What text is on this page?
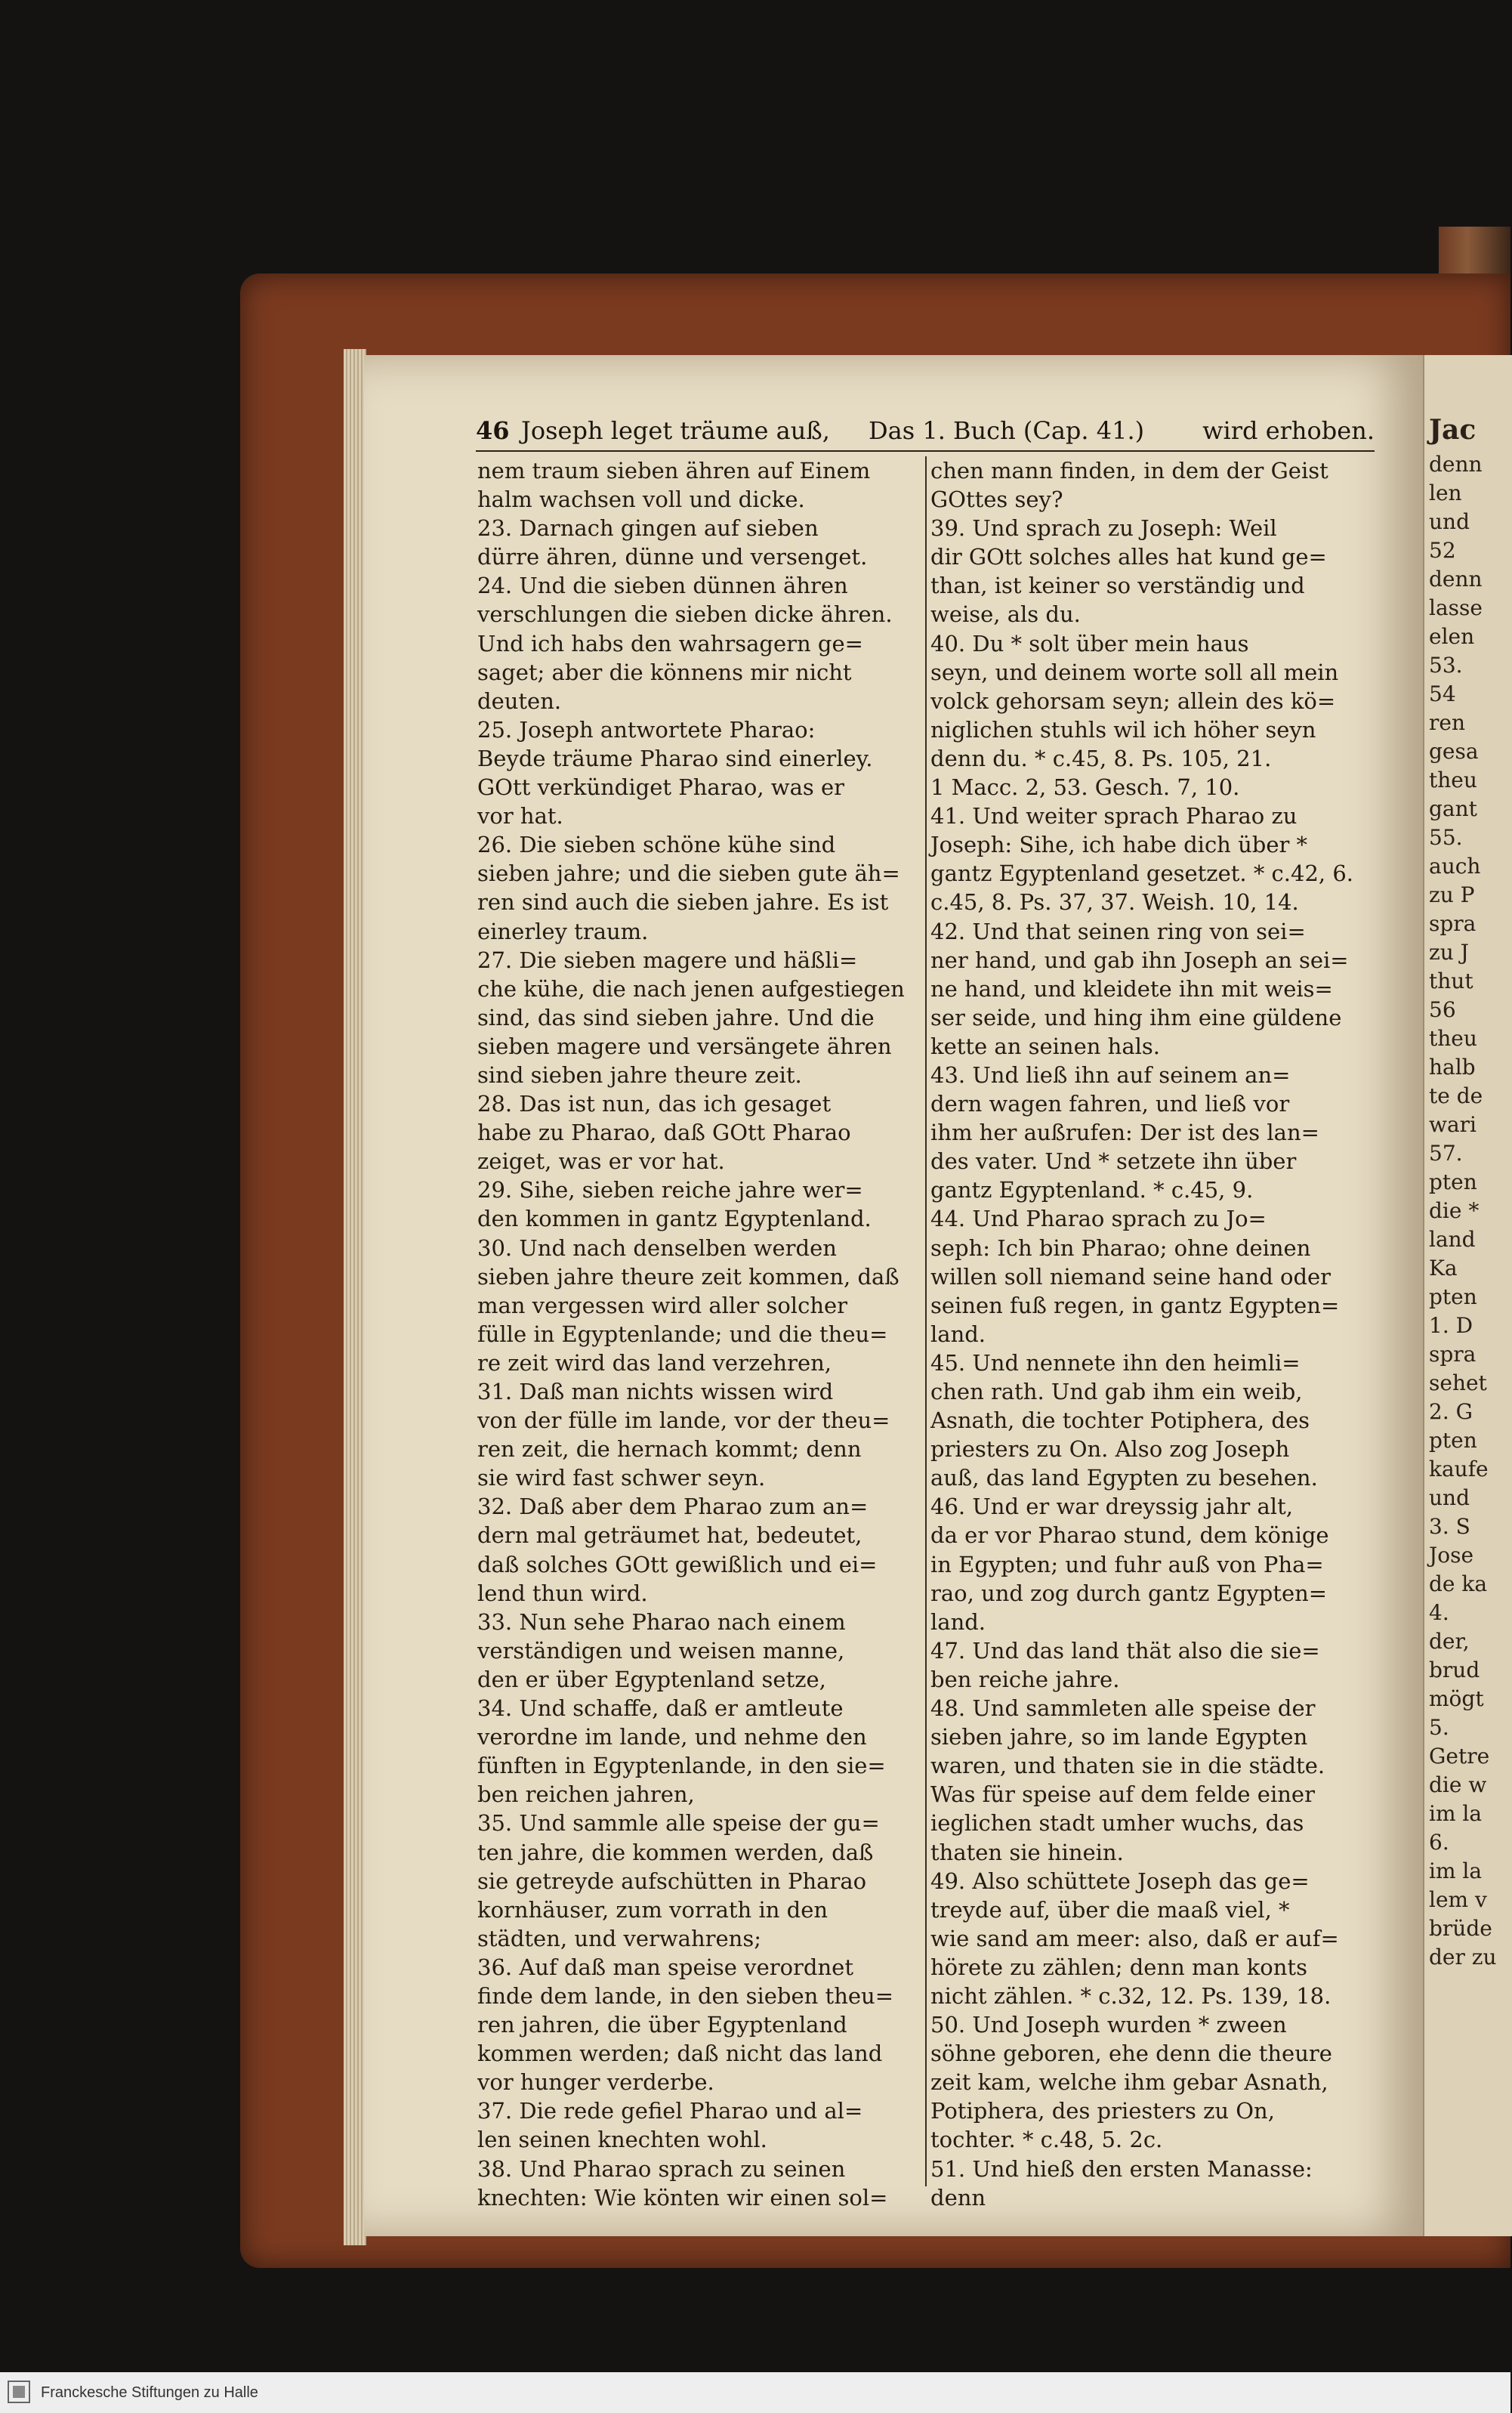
46 Joseph leget träume auß, Das 1. Buch (Cap. 41.) wird erhoben.
nem traum sieben ähren auf Einem
halm wachsen voll und dicke.
23. Darnach gingen auf sieben
dürre ähren, dünne und versenget.
24. Und die sieben dünnen ähren
verschlungen die sieben dicke ähren.
Und ich habs den wahrsagern ge=
saget; aber die könnens mir nicht
deuten.
25. Joseph antwortete Pharao:
Beyde träume Pharao sind einerley.
GOtt verkündiget Pharao, was er
vor hat.
26. Die sieben schöne kühe sind
sieben jahre; und die sieben gute äh=
ren sind auch die sieben jahre. Es ist
einerley traum.
27. Die sieben magere und häßli=
che kühe, die nach jenen aufgestiegen
sind, das sind sieben jahre. Und die
sieben magere und versängete ähren
sind sieben jahre theure zeit.
28. Das ist nun, das ich gesaget
habe zu Pharao, daß GOtt Pharao
zeiget, was er vor hat.
29. Sihe, sieben reiche jahre wer=
den kommen in gantz Egyptenland.
30. Und nach denselben werden
sieben jahre theure zeit kommen, daß
man vergessen wird aller solcher
fülle in Egyptenlande; und die theu=
re zeit wird das land verzehren,
31. Daß man nichts wissen wird
von der fülle im lande, vor der theu=
ren zeit, die hernach kommt; denn
sie wird fast schwer seyn.
32. Daß aber dem Pharao zum an=
dern mal geträumet hat, bedeutet,
daß solches GOtt gewißlich und ei=
lend thun wird.
33. Nun sehe Pharao nach einem
verständigen und weisen manne,
den er über Egyptenland setze,
34. Und schaffe, daß er amtleute
verordne im lande, und nehme den
fünften in Egyptenlande, in den sie=
ben reichen jahren,
35. Und sammle alle speise der gu=
ten jahre, die kommen werden, daß
sie getreyde aufschütten in Pharao
kornhäuser, zum vorrath in den
städten, und verwahrens;
36. Auf daß man speise verordnet
finde dem lande, in den sieben theu=
ren jahren, die über Egyptenland
kommen werden; daß nicht das land
vor hunger verderbe.
37. Die rede gefiel Pharao und al=
len seinen knechten wohl.
38. Und Pharao sprach zu seinen
knechten: Wie könten wir einen sol=
chen mann finden, in dem der Geist
GOttes sey?
39. Und sprach zu Joseph: Weil
dir GOtt solches alles hat kund ge=
than, ist keiner so verständig und
weise, als du.
40. Du * solt über mein haus
seyn, und deinem worte soll all mein
volck gehorsam seyn; allein des kö=
niglichen stuhls wil ich höher seyn
denn du. * c.45, 8. Ps. 105, 21.
1 Macc. 2, 53. Gesch. 7, 10.
41. Und weiter sprach Pharao zu
Joseph: Sihe, ich habe dich über *
gantz Egyptenland gesetzet. * c.42, 6.
c.45, 8. Ps. 37, 37. Weish. 10, 14.
42. Und that seinen ring von sei=
ner hand, und gab ihn Joseph an sei=
ne hand, und kleidete ihn mit weis=
ser seide, und hing ihm eine güldene
kette an seinen hals.
43. Und ließ ihn auf seinem an=
dern wagen fahren, und ließ vor
ihm her außrufen: Der ist des lan=
des vater. Und * setzete ihn über
gantz Egyptenland. * c.45, 9.
44. Und Pharao sprach zu Jo=
seph: Ich bin Pharao; ohne deinen
willen soll niemand seine hand oder
seinen fuß regen, in gantz Egypten=
land.
45. Und nennete ihn den heimli=
chen rath. Und gab ihm ein weib,
Asnath, die tochter Potiphera, des
priesters zu On. Also zog Joseph
auß, das land Egypten zu besehen.
46. Und er war dreyssig jahr alt,
da er vor Pharao stund, dem könige
in Egypten; und fuhr auß von Pha=
rao, und zog durch gantz Egypten=
land.
47. Und das land thät also die sie=
ben reiche jahre.
48. Und sammleten alle speise der
sieben jahre, so im lande Egypten
waren, und thaten sie in die städte.
Was für speise auf dem felde einer
ieglichen stadt umher wuchs, das
thaten sie hinein.
49. Also schüttete Joseph das ge=
treyde auf, über die maaß viel, *
wie sand am meer: also, daß er auf=
hörete zu zählen; denn man konts
nicht zählen. * c.32, 12. Ps. 139, 18.
50. Und Joseph wurden * zween
söhne geboren, ehe denn die theure
zeit kam, welche ihm gebar Asnath,
Potiphera, des priesters zu On,
tochter. * c.48, 5. 2c.
51. Und hieß den ersten Manasse:
denn
Jac
denn
len
und
52
denn
lasse
elen
53.
54
ren
gesa
theu
gant
55.
auch
zu P
spra
zu J
thut
56
theu
halb
te de
wari
57.
pten
die *
land
Ka
pten
1. D
spra
sehet
2. G
pten
kaufe
und
3. S
Jose
de ka
4.
der,
brud
mögt
5.
Getre
die w
im la
6.
im la
lem v
brüde
der zu
Franckesche Stiftungen zu Halle
